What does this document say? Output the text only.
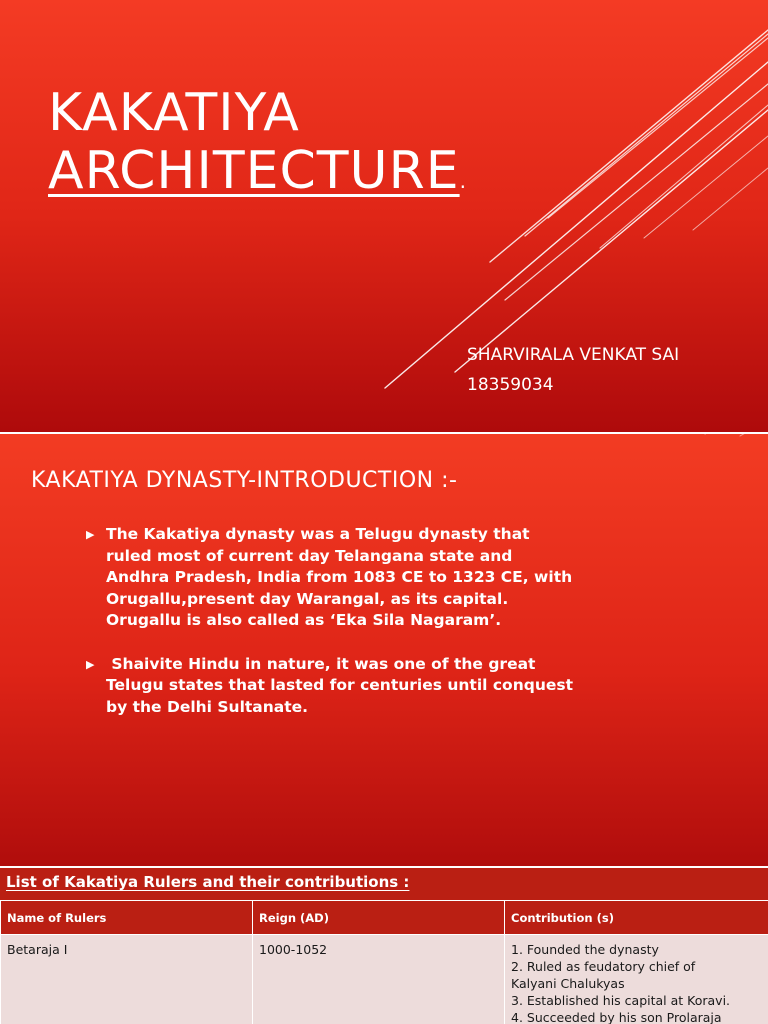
KAKATIYA
ARCHITECTURE.
SHARVIRALA VENKAT SAI
18359034
KAKATIYA DYNASTY-INTRODUCTION :-
▶ The Kakatiya dynasty was a Telugu dynasty that
ruled most of current day Telangana state and
Andhra Pradesh, India from 1083 CE to 1323 CE, with
Orugallu,present day Warangal, as its capital.
Orugallu is also called as ‘Eka Sila Nagaram’.
▶ Shaivite Hindu in nature, it was one of the great
Telugu states that lasted for centuries until conquest
by the Delhi Sultanate.
List of Kakatiya Rulers and their contributions :
Name of Rulers	Reign (AD)	Contribution (s)
Betaraja I	1000-1052	1. Founded the dynasty
2. Ruled as feudatory chief of
Kalyani Chalukyas
3. Established his capital at Koravi.
4. Succeeded by his son Prolaraja
